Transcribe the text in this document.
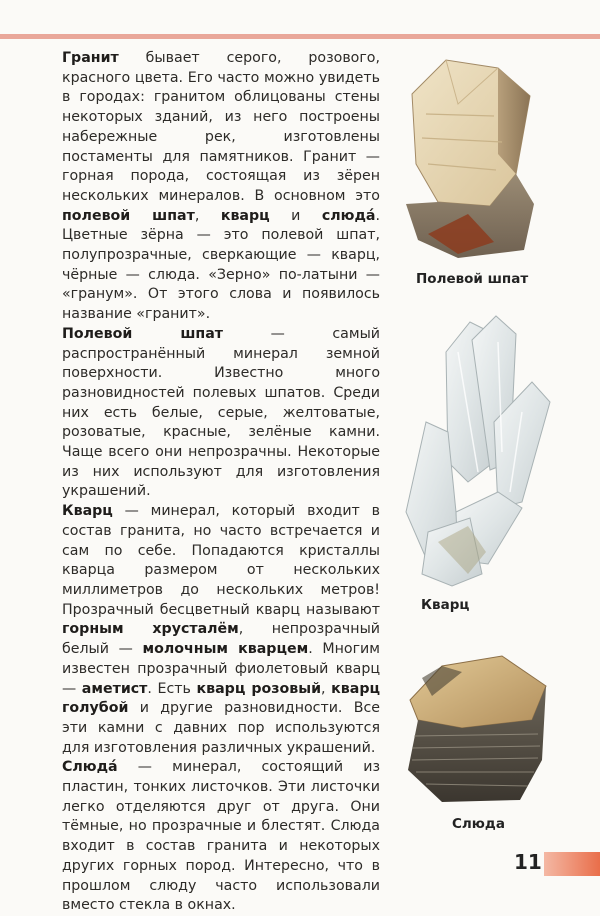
Гранит бывает серого, розового, красного цвета. Его часто можно увидеть в городах: гранитом облицованы стены некоторых зданий, из него построены набережные рек, изготовлены постаменты для памятников. Гранит — горная порода, состоящая из зёрен нескольких минералов. В основном это полевой шпат, кварц и слюда́. Цветные зёрна — это полевой шпат, полупрозрачные, сверкающие — кварц, чёрные — слюда. «Зерно» по-латыни — «гранум». От этого слова и появилось название «гранит».

Полевой шпат — самый распространённый минерал земной поверхности. Известно много разновидностей полевых шпатов. Среди них есть белые, серые, желтоватые, розоватые, красные, зелёные камни. Чаще всего они непрозрачны. Некоторые из них используют для изготовления украшений.

Кварц — минерал, который входит в состав гранита, но часто встречается и сам по себе. Попадаются кристаллы кварца размером от нескольких миллиметров до нескольких метров! Прозрачный бесцветный кварц называют горным хрусталём, непрозрачный белый — молочным кварцем. Многим известен прозрачный фиолетовый кварц — аметист. Есть кварц розовый, кварц голубой и другие разновидности. Все эти камни с давних пор используются для изготовления различных украшений.

Слюда́ — минерал, состоящий из пластин, тонких листочков. Эти листочки легко отделяются друг от друга. Они тёмные, но прозрачные и блестят. Слюда входит в состав гранита и некоторых других горных пород. Интересно, что в прошлом слюду часто использовали вместо стекла в окнах.

Полевой шпат
Кварц
Слюда
11
